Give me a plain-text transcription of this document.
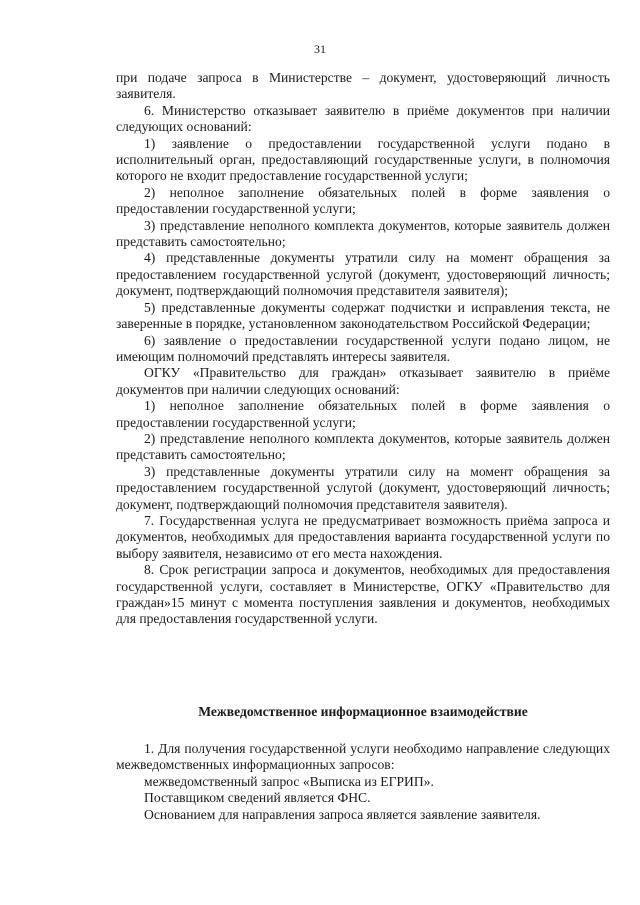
31

при подаче запроса в Министерстве – документ, удостоверяющий личность заявителя.

6. Министерство отказывает заявителю в приёме документов при наличии следующих оснований:

1) заявление о предоставлении государственной услуги подано в исполнительный орган, предоставляющий государственные услуги, в полномочия которого не входит предоставление государственной услуги;

2) неполное заполнение обязательных полей в форме заявления о предоставлении государственной услуги;

3) представление неполного комплекта документов, которые заявитель должен представить самостоятельно;

4) представленные документы утратили силу на момент обращения за предоставлением государственной услугой (документ, удостоверяющий личность; документ, подтверждающий полномочия представителя заявителя);

5) представленные документы содержат подчистки и исправления текста, не заверенные в порядке, установленном законодательством Российской Федерации;

6) заявление о предоставлении государственной услуги подано лицом, не имеющим полномочий представлять интересы заявителя.

ОГКУ «Правительство для граждан» отказывает заявителю в приёме документов при наличии следующих оснований:

1) неполное заполнение обязательных полей в форме заявления о предоставлении государственной услуги;

2) представление неполного комплекта документов, которые заявитель должен представить самостоятельно;

3) представленные документы утратили силу на момент обращения за предоставлением государственной услугой (документ, удостоверяющий личность; документ, подтверждающий полномочия представителя заявителя).

7. Государственная услуга не предусматривает возможность приёма запроса и документов, необходимых для предоставления варианта государственной услуги по выбору заявителя, независимо от его места нахождения.

8. Срок регистрации запроса и документов, необходимых для предоставления государственной услуги, составляет в Министерстве, ОГКУ «Правительство для граждан»15 минут с момента поступления заявления и документов, необходимых для предоставления государственной услуги.

Межведомственное информационное взаимодействие

1. Для получения государственной услуги необходимо направление следующих межведомственных информационных запросов:

межведомственный запрос «Выписка из ЕГРИП».

Поставщиком сведений является ФНС.

Основанием для направления запроса является заявление заявителя.
